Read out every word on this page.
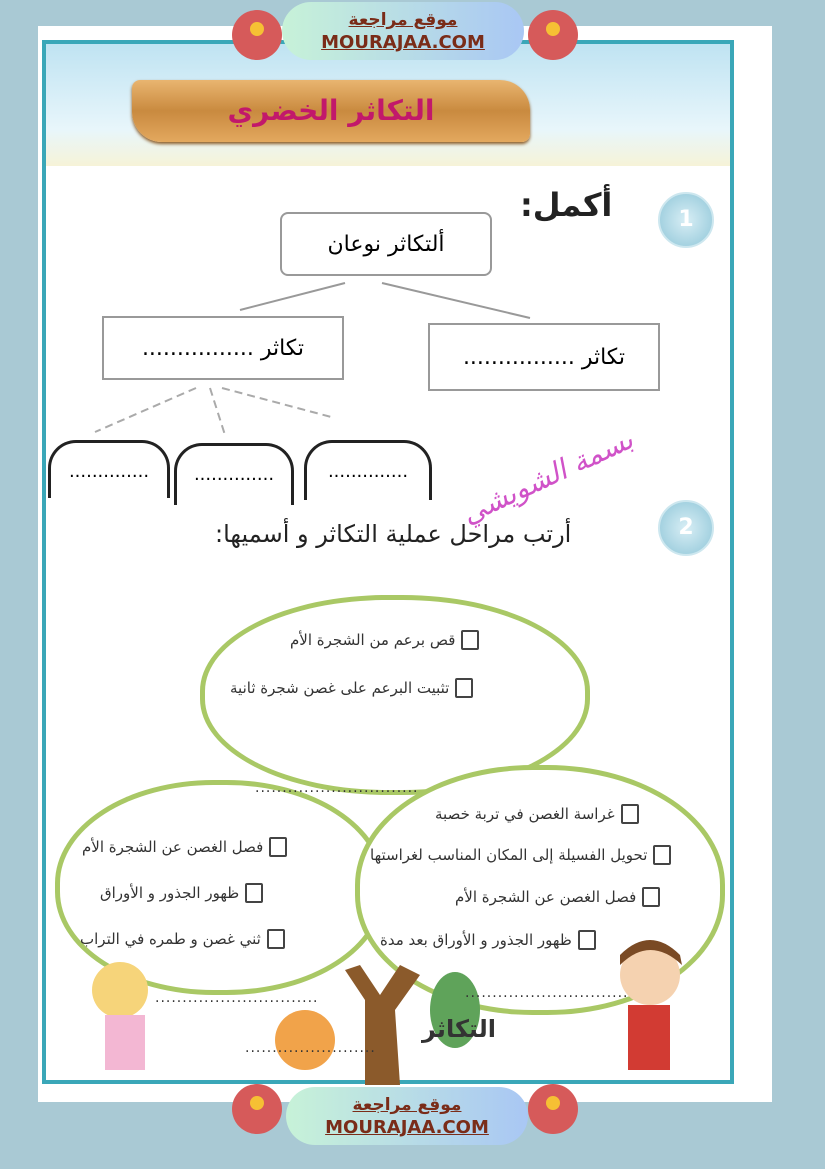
التكاثر الخضري
موقع مراجعة
MOURAJAA.COM
موقع مراجعة
MOURAJAA.COM
1
أكمل:
ألتكاثر نوعان
تكاثر ................	تكاثر ................
..............	..............	..............	بسمة الشويشي	2
أرتب مراحل عملية التكاثر و أسميها:
قص برعم من الشجرة الأم
تثبيت البرعم على غصن شجرة ثانية
..............................
فصل الغصن عن الشجرة الأم
ظهور الجذور و الأوراق
ثني غصن و طمره في التراب
غراسة الغصن في تربة خصبة
تحويل الفسيلة إلى المكان المناسب لغراستها
فصل الغصن عن الشجرة الأم
ظهور الجذور و الأوراق بعد مدة
..............................	..............................
التكاثر
........................
